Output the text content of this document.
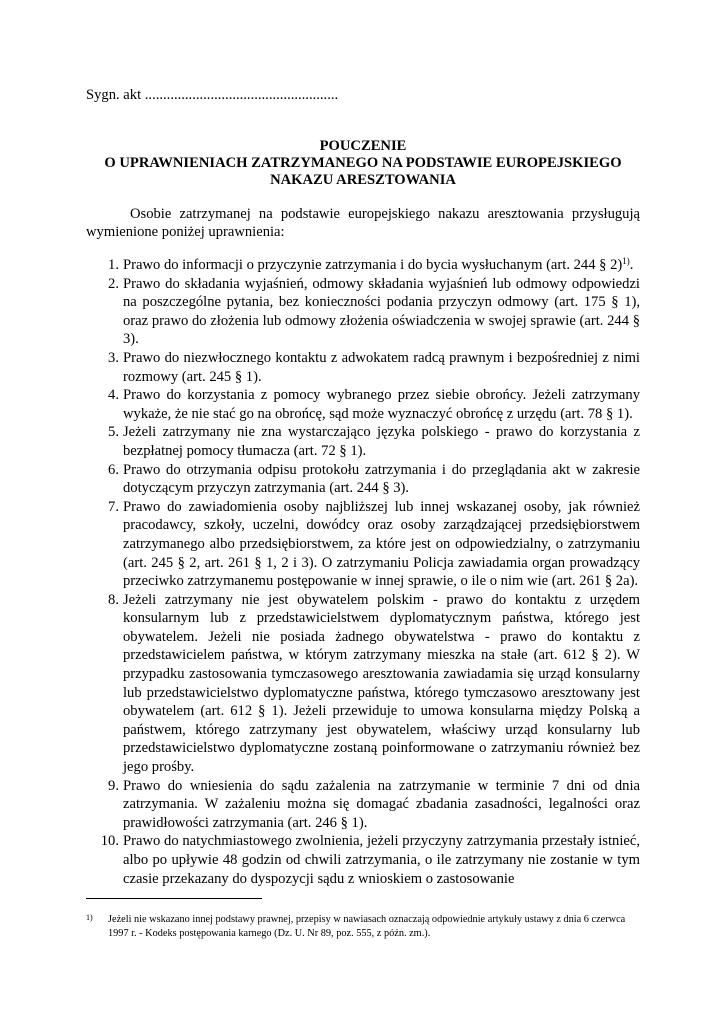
Sygn. akt .....................................................
POUCZENIE
O UPRAWNIENIACH ZATRZYMANEGO NA PODSTAWIE EUROPEJSKIEGO
NAKAZU ARESZTOWANIA

Osobie zatrzymanej na podstawie europejskiego nakazu aresztowania przysługują wymienione poniżej uprawnienia:

1. Prawo do informacji o przyczynie zatrzymania i do bycia wysłuchanym (art. 244 § 2)$^{1)}$.
2. Prawo do składania wyjaśnień, odmowy składania wyjaśnień lub odmowy odpowiedzi na poszczególne pytania, bez konieczności podania przyczyn odmowy (art. 175 § 1), oraz prawo do złożenia lub odmowy złożenia oświadczenia w swojej sprawie (art. 244 § 3).
3. Prawo do niezwłocznego kontaktu z adwokatem radcą prawnym i bezpośredniej z nimi rozmowy (art. 245 § 1).
4. Prawo do korzystania z pomocy wybranego przez siebie obrońcy. Jeżeli zatrzymany wykaże, że nie stać go na obrońcę, sąd może wyznaczyć obrońcę z urzędu (art. 78 § 1).
5. Jeżeli zatrzymany nie zna wystarczająco języka polskiego - prawo do korzystania z bezpłatnej pomocy tłumacza (art. 72 § 1).
6. Prawo do otrzymania odpisu protokołu zatrzymania i do przeglądania akt w zakresie dotyczącym przyczyn zatrzymania (art. 244 § 3).
7. Prawo do zawiadomienia osoby najbliższej lub innej wskazanej osoby, jak również pracodawcy, szkoły, uczelni, dowódcy oraz osoby zarządzającej przedsiębiorstwem zatrzymanego albo przedsiębiorstwem, za które jest on odpowiedzialny, o zatrzymaniu (art. 245 § 2, art. 261 § 1, 2 i 3). O zatrzymaniu Policja zawiadamia organ prowadzący przeciwko zatrzymanemu postępowanie w innej sprawie, o ile o nim wie (art. 261 § 2a).
8. Jeżeli zatrzymany nie jest obywatelem polskim - prawo do kontaktu z urzędem konsularnym lub z przedstawicielstwem dyplomatycznym państwa, którego jest obywatelem. Jeżeli nie posiada żadnego obywatelstwa - prawo do kontaktu z przedstawicielem państwa, w którym zatrzymany mieszka na stałe (art. 612 § 2). W przypadku zastosowania tymczasowego aresztowania zawiadamia się urząd konsularny lub przedstawicielstwo dyplomatyczne państwa, którego tymczasowo aresztowany jest obywatelem (art. 612 § 1). Jeżeli przewiduje to umowa konsularna między Polską a państwem, którego zatrzymany jest obywatelem, właściwy urząd konsularny lub przedstawicielstwo dyplomatyczne zostaną poinformowane o zatrzymaniu również bez jego prośby.
9. Prawo do wniesienia do sądu zażalenia na zatrzymanie w terminie 7 dni od dnia zatrzymania. W zażaleniu można się domagać zbadania zasadności, legalności oraz prawidłowości zatrzymania (art. 246 § 1).
10. Prawo do natychmiastowego zwolnienia, jeżeli przyczyny zatrzymania przestały istnieć, albo po upływie 48 godzin od chwili zatrzymania, o ile zatrzymany nie zostanie w tym czasie przekazany do dyspozycji sądu z wnioskiem o zastosowanie
1)	Jeżeli nie wskazano innej podstawy prawnej, przepisy w nawiasach oznaczają odpowiednie artykuły ustawy z dnia 6 czerwca 1997 r. - Kodeks postępowania karnego (Dz. U. Nr 89, poz. 555, z późn. zm.).
